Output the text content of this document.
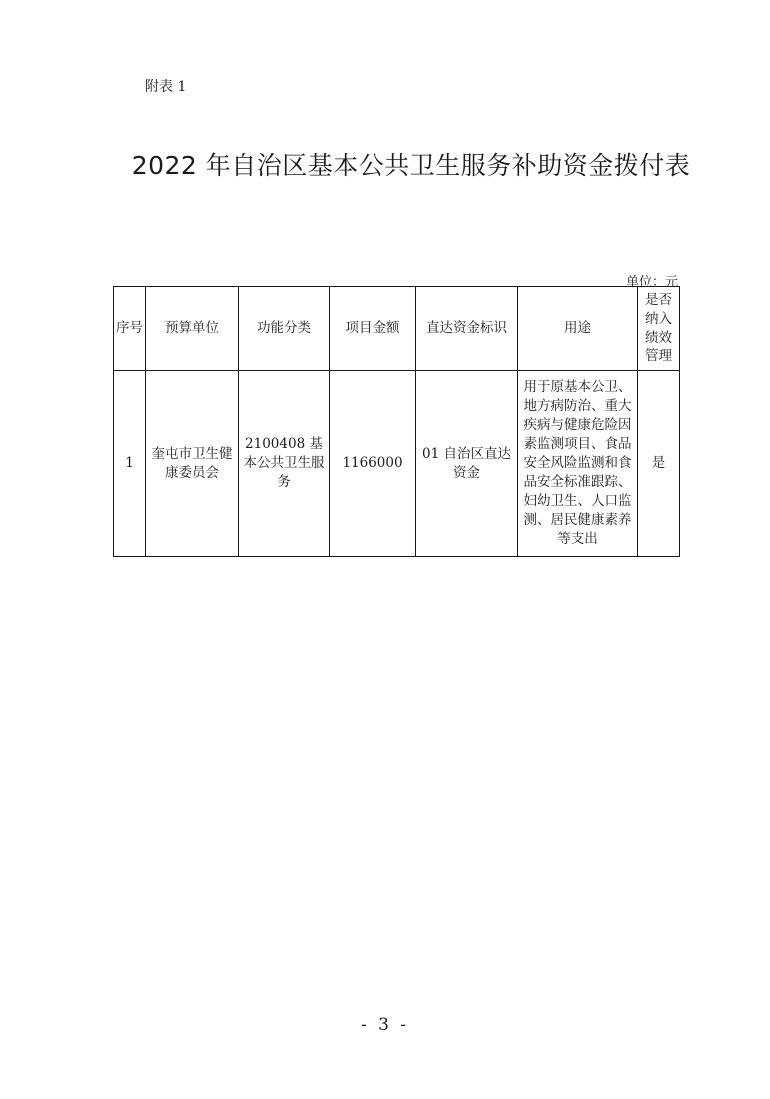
附表 1
2022 年自治区基本公共卫生服务补助资金拨付表
单位：元
序号	预算单位	功能分类	项目金额	直达资金标识	用途	是否纳入绩效管理
1	奎屯市卫生健康委员会	2100408 基本公共卫生服务	1166000	01 自治区直达资金	用于原基本公卫、地方病防治、重大疾病与健康危险因素监测项目、食品安全风险监测和食品安全标准跟踪、妇幼卫生、人口监测、居民健康素养等支出	是
- 3 -
